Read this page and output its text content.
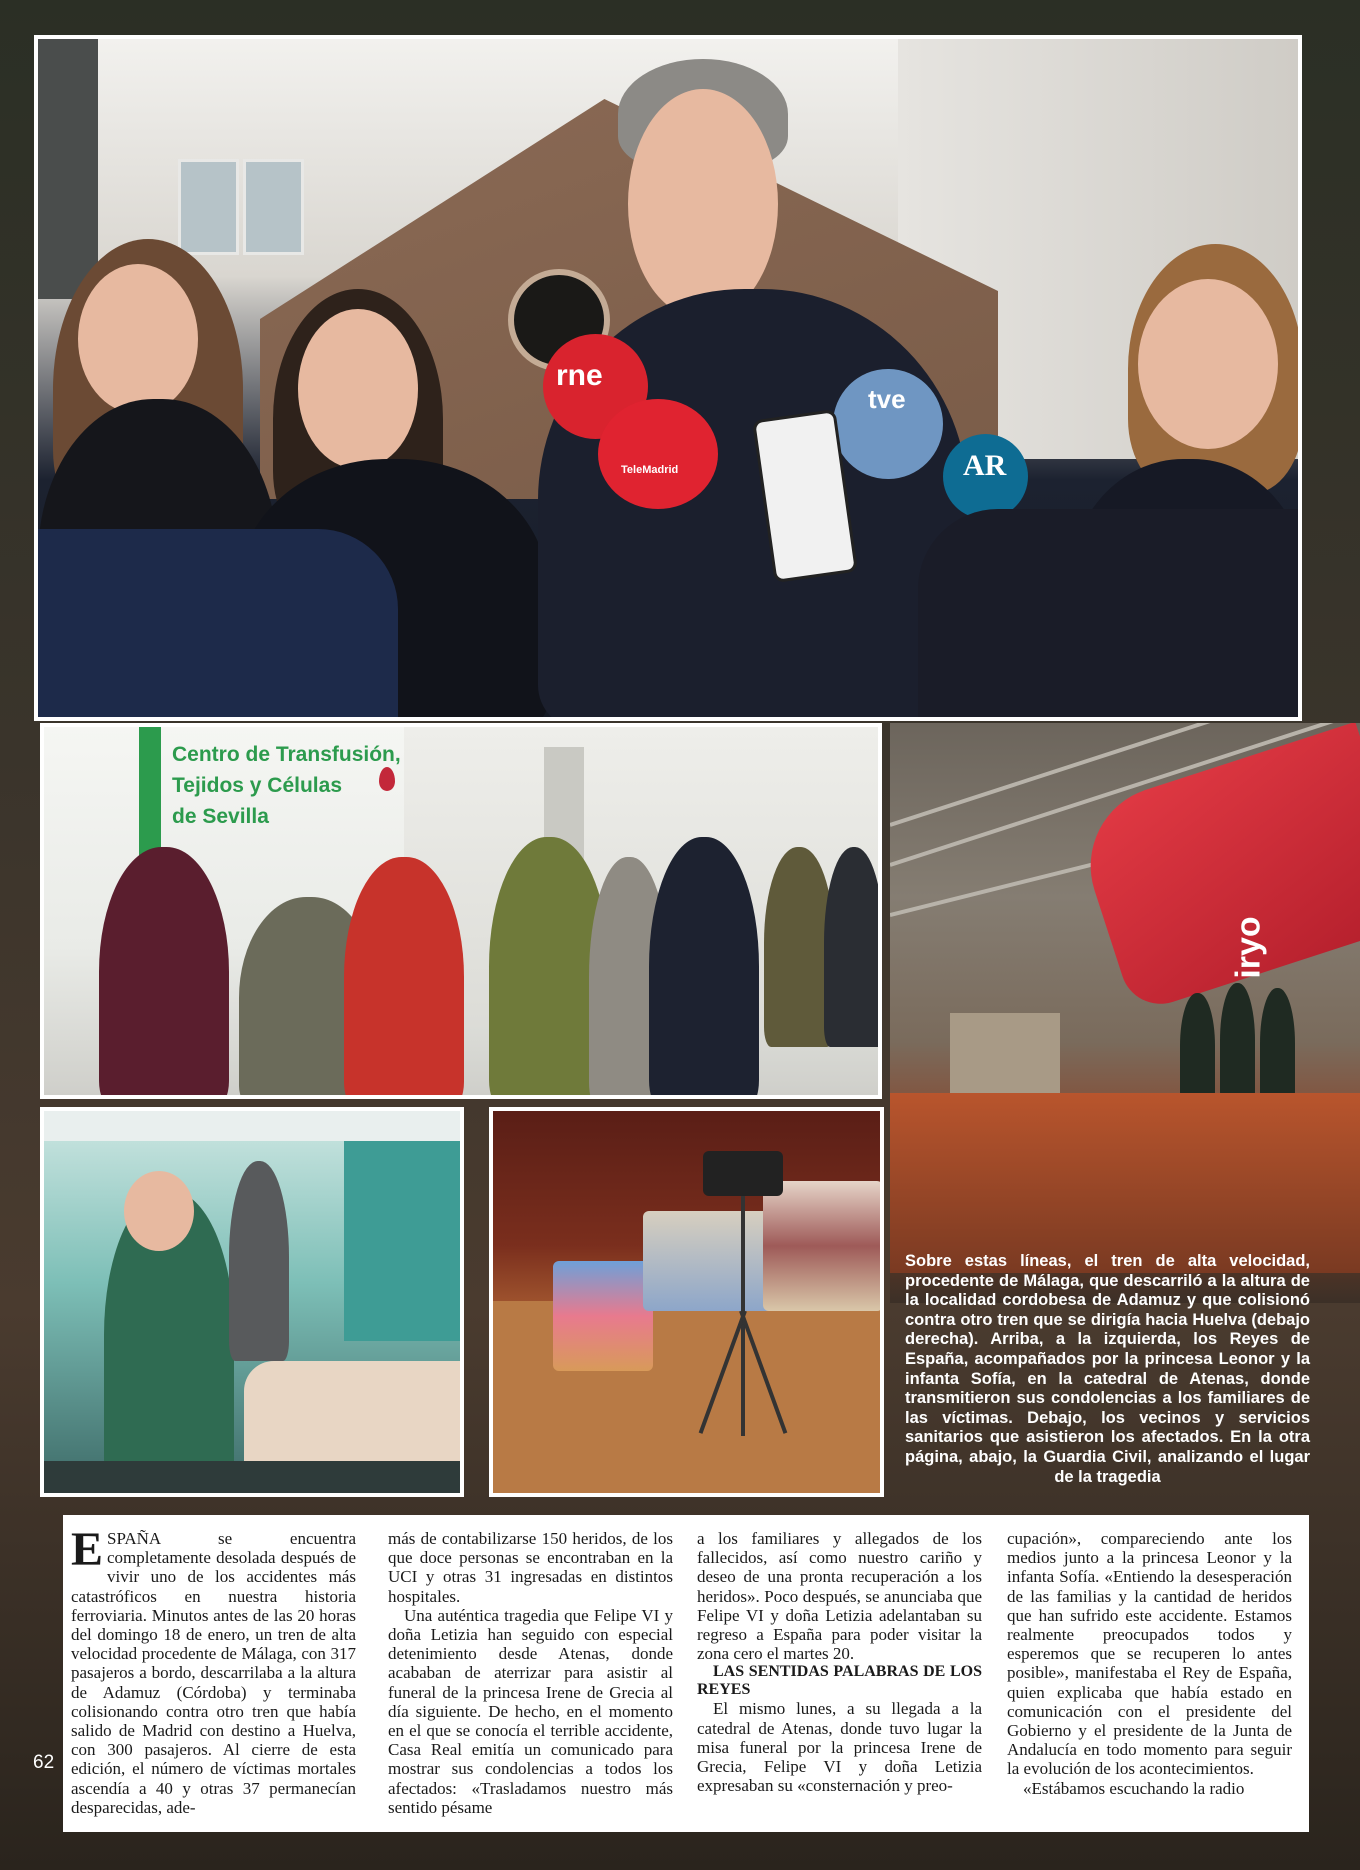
rne
TeleMadrid
tve
AR
Centro de Transfusión,
Tejidos y Células
de Sevilla
iryo
Sobre estas líneas, el tren de alta velocidad, procedente de Málaga, que descarriló a la altura de la localidad cordobesa de Adamuz y que colisionó contra otro tren que se dirigía hacia Huelva (debajo derecha). Arriba, a la izquierda, los Reyes de España, acompañados por la princesa Leonor y la infanta Sofía, en la catedral de Atenas, donde transmitieron sus condolencias a los familiares de las víctimas. Debajo, los vecinos y servicios sanitarios que asistieron los afectados. En la otra página, abajo, la Guardia Civil, analizando el lugar de la tragedia

ESPAÑA se encuentra completamente desolada después de vivir uno de los accidentes más catastróficos en nuestra historia ferroviaria. Minutos antes de las 20 horas del domingo 18 de enero, un tren de alta velocidad procedente de Málaga, con 317 pasajeros a bordo, descarrilaba a la altura de Adamuz (Córdoba) y terminaba colisionando contra otro tren que había salido de Madrid con destino a Huelva, con 300 pasajeros. Al cierre de esta edición, el número de víctimas mortales ascendía a 40 y otras 37 permanecían desparecidas, ade-

más de contabilizarse 150 heridos, de los que doce personas se encontraban en la UCI y otras 31 ingresadas en distintos hospitales.

Una auténtica tragedia que Felipe VI y doña Letizia han seguido con especial detenimiento desde Atenas, donde acababan de aterrizar para asistir al funeral de la princesa Irene de Grecia al día siguiente. De hecho, en el momento en el que se conocía el terrible accidente, Casa Real emitía un comunicado para mostrar sus condolencias a todos los afectados: «Trasladamos nuestro más sentido pésame

a los familiares y allegados de los fallecidos, así como nuestro cariño y deseo de una pronta recuperación a los heridos». Poco después, se anunciaba que Felipe VI y doña Letizia adelantaban su regreso a España para poder visitar la zona cero el martes 20.

LAS SENTIDAS PALABRAS DE LOS REYES

El mismo lunes, a su llegada a la catedral de Atenas, donde tuvo lugar la misa funeral por la princesa Irene de Grecia, Felipe VI y doña Letizia expresaban su «consternación y preo-

cupación», compareciendo ante los medios junto a la princesa Leonor y la infanta Sofía. «Entiendo la desesperación de las familias y la cantidad de heridos que han sufrido este accidente. Estamos realmente preocupados todos y esperemos que se recuperen lo antes posible», manifestaba el Rey de España, quien explicaba que había estado en comunicación con el presidente del Gobierno y el presidente de la Junta de Andalucía en todo momento para seguir la evolución de los acontecimientos.

«Estábamos escuchando la radio

62
